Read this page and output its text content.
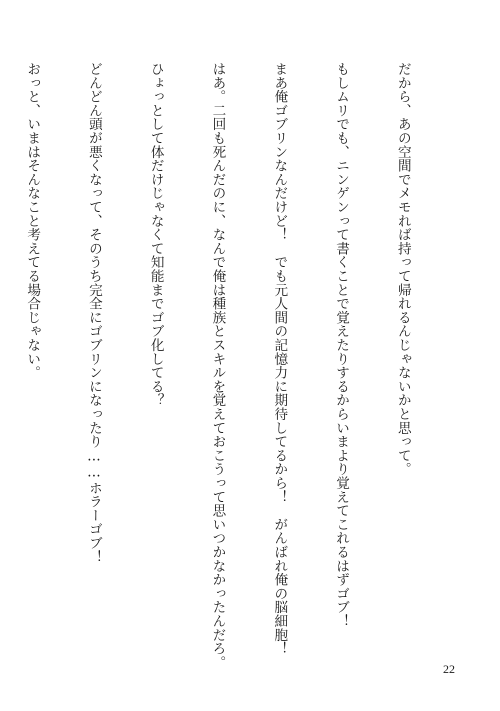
だから、あの空間でメモれば持って帰れるんじゃないかと思って。

もしムリでも、ニンゲンって書くことで覚えたりするからいまより覚えてこれるはずゴブ！

まあ俺ゴブリンなんだけど！　でも元人間の記憶力に期待してるから！　がんばれ俺の脳細胞！

はあ。二回も死んだのに、なんで俺は種族とスキルを覚えておこうって思いつかなかったんだろ。

ひょっとして体だけじゃなくて知能までゴブ化してる？

どんどん頭が悪くなって、そのうち完全にゴブリンになったり……ホラーゴブ！

おっと、いまはそんなこと考えてる場合じゃない。

22
